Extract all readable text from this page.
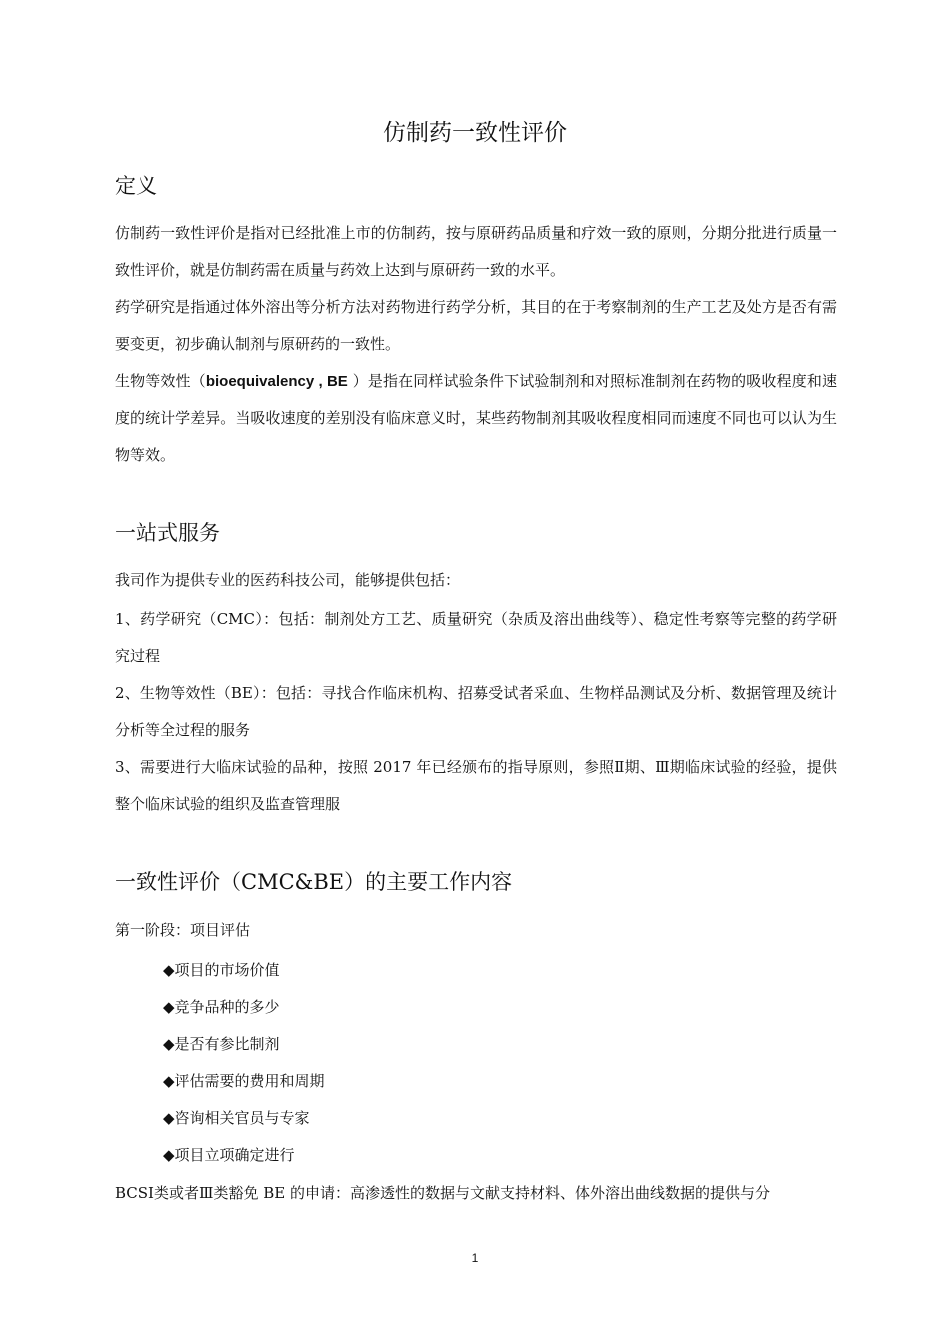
仿制药一致性评价
定义
仿制药一致性评价是指对已经批准上市的仿制药，按与原研药品质量和疗效一致的原则，分期分批进行质量一致性评价，就是仿制药需在质量与药效上达到与原研药一致的水平。
药学研究是指通过体外溶出等分析方法对药物进行药学分析，其目的在于考察制剂的生产工艺及处方是否有需要变更，初步确认制剂与原研药的一致性。
生物等效性（bioequivalency , BE ）是指在同样试验条件下试验制剂和对照标准制剂在药物的吸收程度和速度的统计学差异。当吸收速度的差别没有临床意义时，某些药物制剂其吸收程度相同而速度不同也可以认为生物等效。
一站式服务
我司作为提供专业的医药科技公司，能够提供包括：
1、药学研究（CMC）：包括：制剂处方工艺、质量研究（杂质及溶出曲线等）、稳定性考察等完整的药学研究过程
2、生物等效性（BE）：包括：寻找合作临床机构、招募受试者采血、生物样品测试及分析、数据管理及统计分析等全过程的服务
3、需要进行大临床试验的品种，按照 2017 年已经颁布的指导原则，参照Ⅱ期、Ⅲ期临床试验的经验，提供整个临床试验的组织及监查管理服
一致性评价（CMC&BE）的主要工作内容
第一阶段：项目评估
◆项目的市场价值
◆竞争品种的多少
◆是否有参比制剂
◆评估需要的费用和周期
◆咨询相关官员与专家
◆项目立项确定进行
BCSⅠ类或者Ⅲ类豁免 BE 的申请：高渗透性的数据与文献支持材料、体外溶出曲线数据的提供与分
1
